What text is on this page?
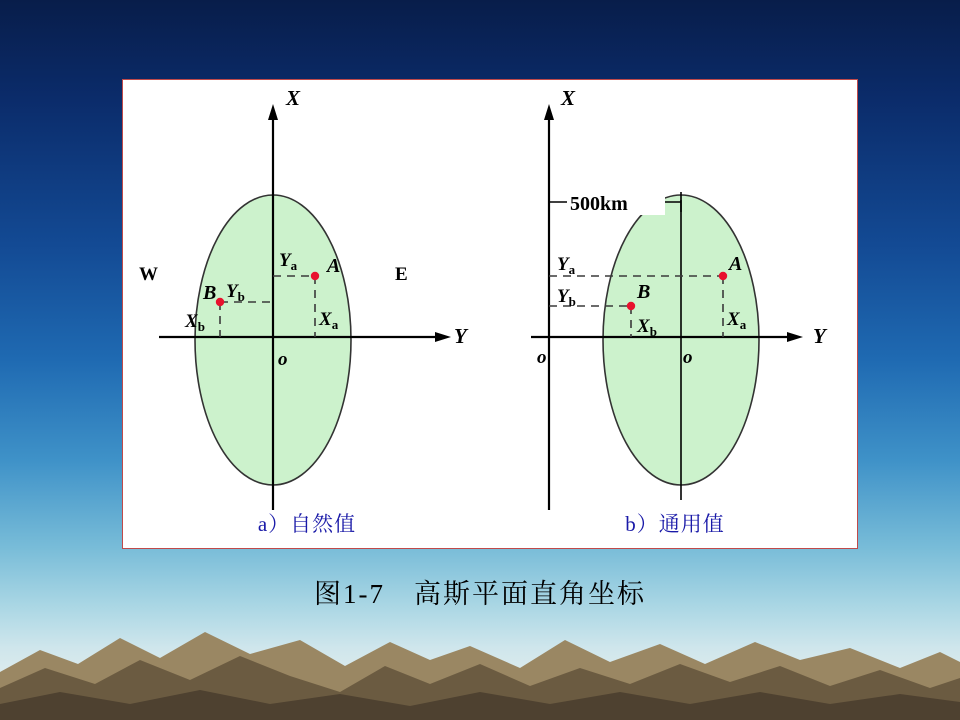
X
Y
o
W	E
A
B
$Y_a$
$X_a$
$Y_b$
$X_b$
a）自然值
500km
X
Y
o	o
A
B
$Y_a$
$Y_b$
$X_a$
$X_b$
b）通用值
图1-7　高斯平面直角坐标
